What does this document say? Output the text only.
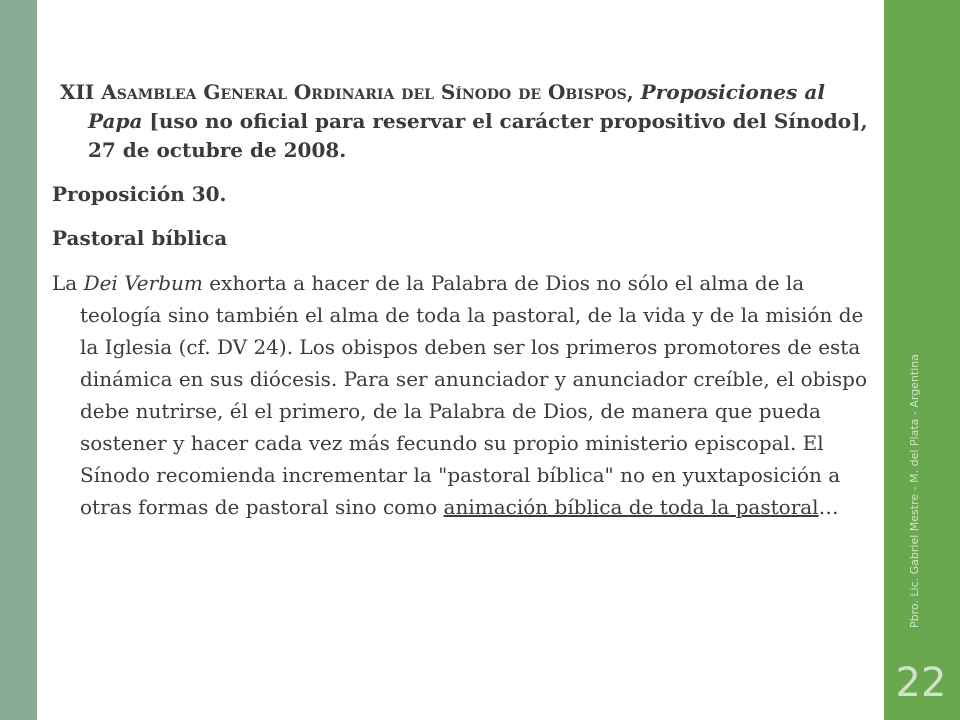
Pbro. Lic. Gabriel Mestre - M. del Plata - Argentina
22

XII Asamblea General Ordinaria del Sínodo de Obispos, Proposiciones al Papa [uso no oficial para reservar el carácter propositivo del Sínodo], 27 de octubre de 2008.

Proposición 30.

Pastoral bíblica

La Dei Verbum exhorta a hacer de la Palabra de Dios no sólo el alma de la teología sino también el alma de toda la pastoral, de la vida y de la misión de la Iglesia (cf. DV 24). Los obispos deben ser los primeros promotores de esta dinámica en sus diócesis. Para ser anunciador y anunciador creíble, el obispo debe nutrirse, él el primero, de la Palabra de Dios, de manera que pueda sostener y hacer cada vez más fecundo su propio ministerio episcopal. El Sínodo recomienda incrementar la "pastoral bíblica" no en yuxtaposición a otras formas de pastoral sino como animación bíblica de toda la pastoral…
